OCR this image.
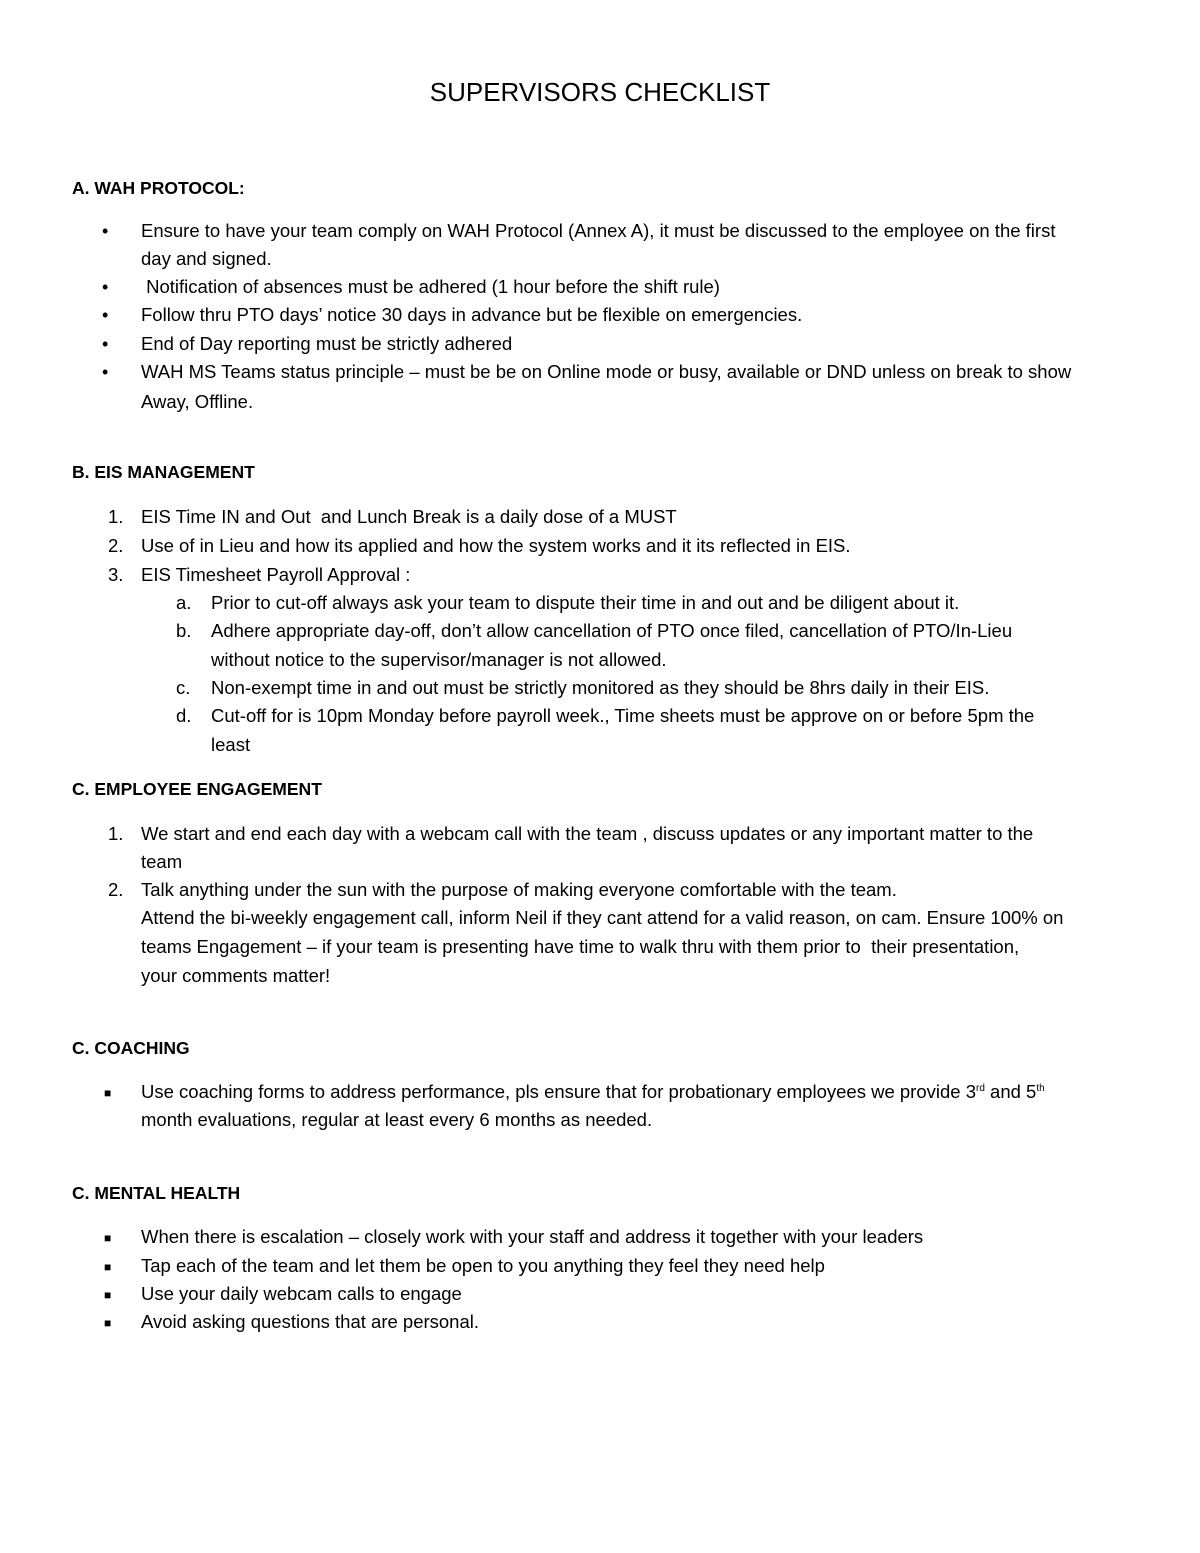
SUPERVISORS CHECKLIST
A. WAH PROTOCOL:
• Ensure to have your team comply on WAH Protocol (Annex A), it must be discussed to the employee on the first
day and signed.
• Notification of absences must be adhered (1 hour before the shift rule)
• Follow thru PTO days’ notice 30 days in advance but be flexible on emergencies.
• End of Day reporting must be strictly adhered
• WAH MS Teams status principle – must be be on Online mode or busy, available or DND unless on break to show
Away, Offline.
B. EIS MANAGEMENT
1. EIS Time IN and Out  and Lunch Break is a daily dose of a MUST
2. Use of in Lieu and how its applied and how the system works and it its reflected in EIS.
3. EIS Timesheet Payroll Approval :
a. Prior to cut-off always ask your team to dispute their time in and out and be diligent about it.
b. Adhere appropriate day-off, don’t allow cancellation of PTO once filed, cancellation of PTO/In-Lieu
without notice to the supervisor/manager is not allowed.
c. Non-exempt time in and out must be strictly monitored as they should be 8hrs daily in their EIS.
d. Cut-off for is 10pm Monday before payroll week., Time sheets must be approve on or before 5pm the
least
C. EMPLOYEE ENGAGEMENT
1. We start and end each day with a webcam call with the team , discuss updates or any important matter to the
team
2. Talk anything under the sun with the purpose of making everyone comfortable with the team.
Attend the bi-weekly engagement call, inform Neil if they cant attend for a valid reason, on cam. Ensure 100% on
teams Engagement – if your team is presenting have time to walk thru with them prior to  their presentation,
your comments matter!
C. COACHING
■ Use coaching forms to address performance, pls ensure that for probationary employees we provide 3rd and 5th
month evaluations, regular at least every 6 months as needed.
C. MENTAL HEALTH
■ When there is escalation – closely work with your staff and address it together with your leaders
■ Tap each of the team and let them be open to you anything they feel they need help
■ Use your daily webcam calls to engage
■ Avoid asking questions that are personal.
